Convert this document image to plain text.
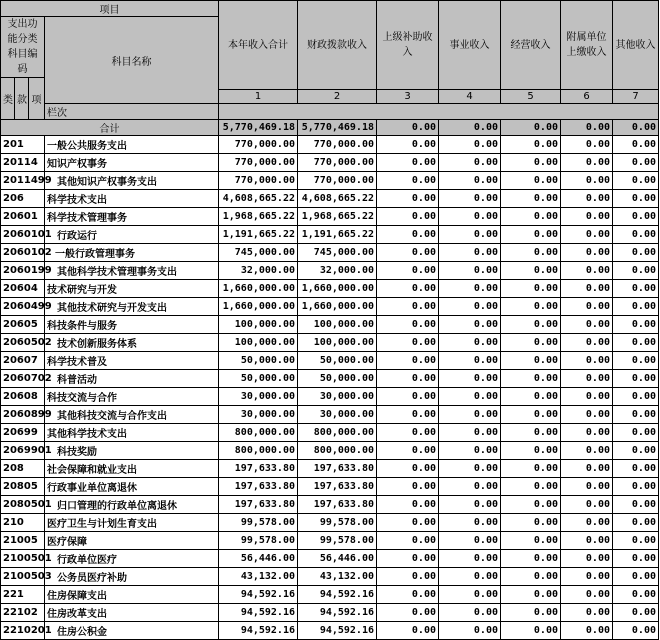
项目				本年收入合计	财政拨款收入	上级补助收入	事业收入	经营收入	附属单位上缴收入	其他收入
支出功能分类科目编码			科目名称							
类	款	项								
				1	2	3	4	5	6	7
			栏次							
合计				5,770,469.18	5,770,469.18	0.00	0.00	0.00	0.00	0.00
201			一般公共服务支出	770,000.00	770,000.00	0.00	0.00	0.00	0.00	0.00
20114			知识产权事务	770,000.00	770,000.00	0.00	0.00	0.00	0.00	0.00
2011499			其他知识产权事务支出	770,000.00	770,000.00	0.00	0.00	0.00	0.00	0.00
206			科学技术支出	4,608,665.22	4,608,665.22	0.00	0.00	0.00	0.00	0.00
20601			科学技术管理事务	1,968,665.22	1,968,665.22	0.00	0.00	0.00	0.00	0.00
2060101			行政运行	1,191,665.22	1,191,665.22	0.00	0.00	0.00	0.00	0.00
2060102			一般行政管理事务	745,000.00	745,000.00	0.00	0.00	0.00	0.00	0.00
2060199			其他科学技术管理事务支出	32,000.00	32,000.00	0.00	0.00	0.00	0.00	0.00
20604			技术研究与开发	1,660,000.00	1,660,000.00	0.00	0.00	0.00	0.00	0.00
2060499			其他技术研究与开发支出	1,660,000.00	1,660,000.00	0.00	0.00	0.00	0.00	0.00
20605			科技条件与服务	100,000.00	100,000.00	0.00	0.00	0.00	0.00	0.00
2060502			技术创新服务体系	100,000.00	100,000.00	0.00	0.00	0.00	0.00	0.00
20607			科学技术普及	50,000.00	50,000.00	0.00	0.00	0.00	0.00	0.00
2060702			科普活动	50,000.00	50,000.00	0.00	0.00	0.00	0.00	0.00
20608			科技交流与合作	30,000.00	30,000.00	0.00	0.00	0.00	0.00	0.00
2060899			其他科技交流与合作支出	30,000.00	30,000.00	0.00	0.00	0.00	0.00	0.00
20699			其他科学技术支出	800,000.00	800,000.00	0.00	0.00	0.00	0.00	0.00
2069901			科技奖励	800,000.00	800,000.00	0.00	0.00	0.00	0.00	0.00
208			社会保障和就业支出	197,633.80	197,633.80	0.00	0.00	0.00	0.00	0.00
20805			行政事业单位离退休	197,633.80	197,633.80	0.00	0.00	0.00	0.00	0.00
2080501			归口管理的行政单位离退休	197,633.80	197,633.80	0.00	0.00	0.00	0.00	0.00
210			医疗卫生与计划生育支出	99,578.00	99,578.00	0.00	0.00	0.00	0.00	0.00
21005			医疗保障	99,578.00	99,578.00	0.00	0.00	0.00	0.00	0.00
2100501			行政单位医疗	56,446.00	56,446.00	0.00	0.00	0.00	0.00	0.00
2100503			公务员医疗补助	43,132.00	43,132.00	0.00	0.00	0.00	0.00	0.00
221			住房保障支出	94,592.16	94,592.16	0.00	0.00	0.00	0.00	0.00
22102			住房改革支出	94,592.16	94,592.16	0.00	0.00	0.00	0.00	0.00
2210201			住房公积金	94,592.16	94,592.16	0.00	0.00	0.00	0.00	0.00
